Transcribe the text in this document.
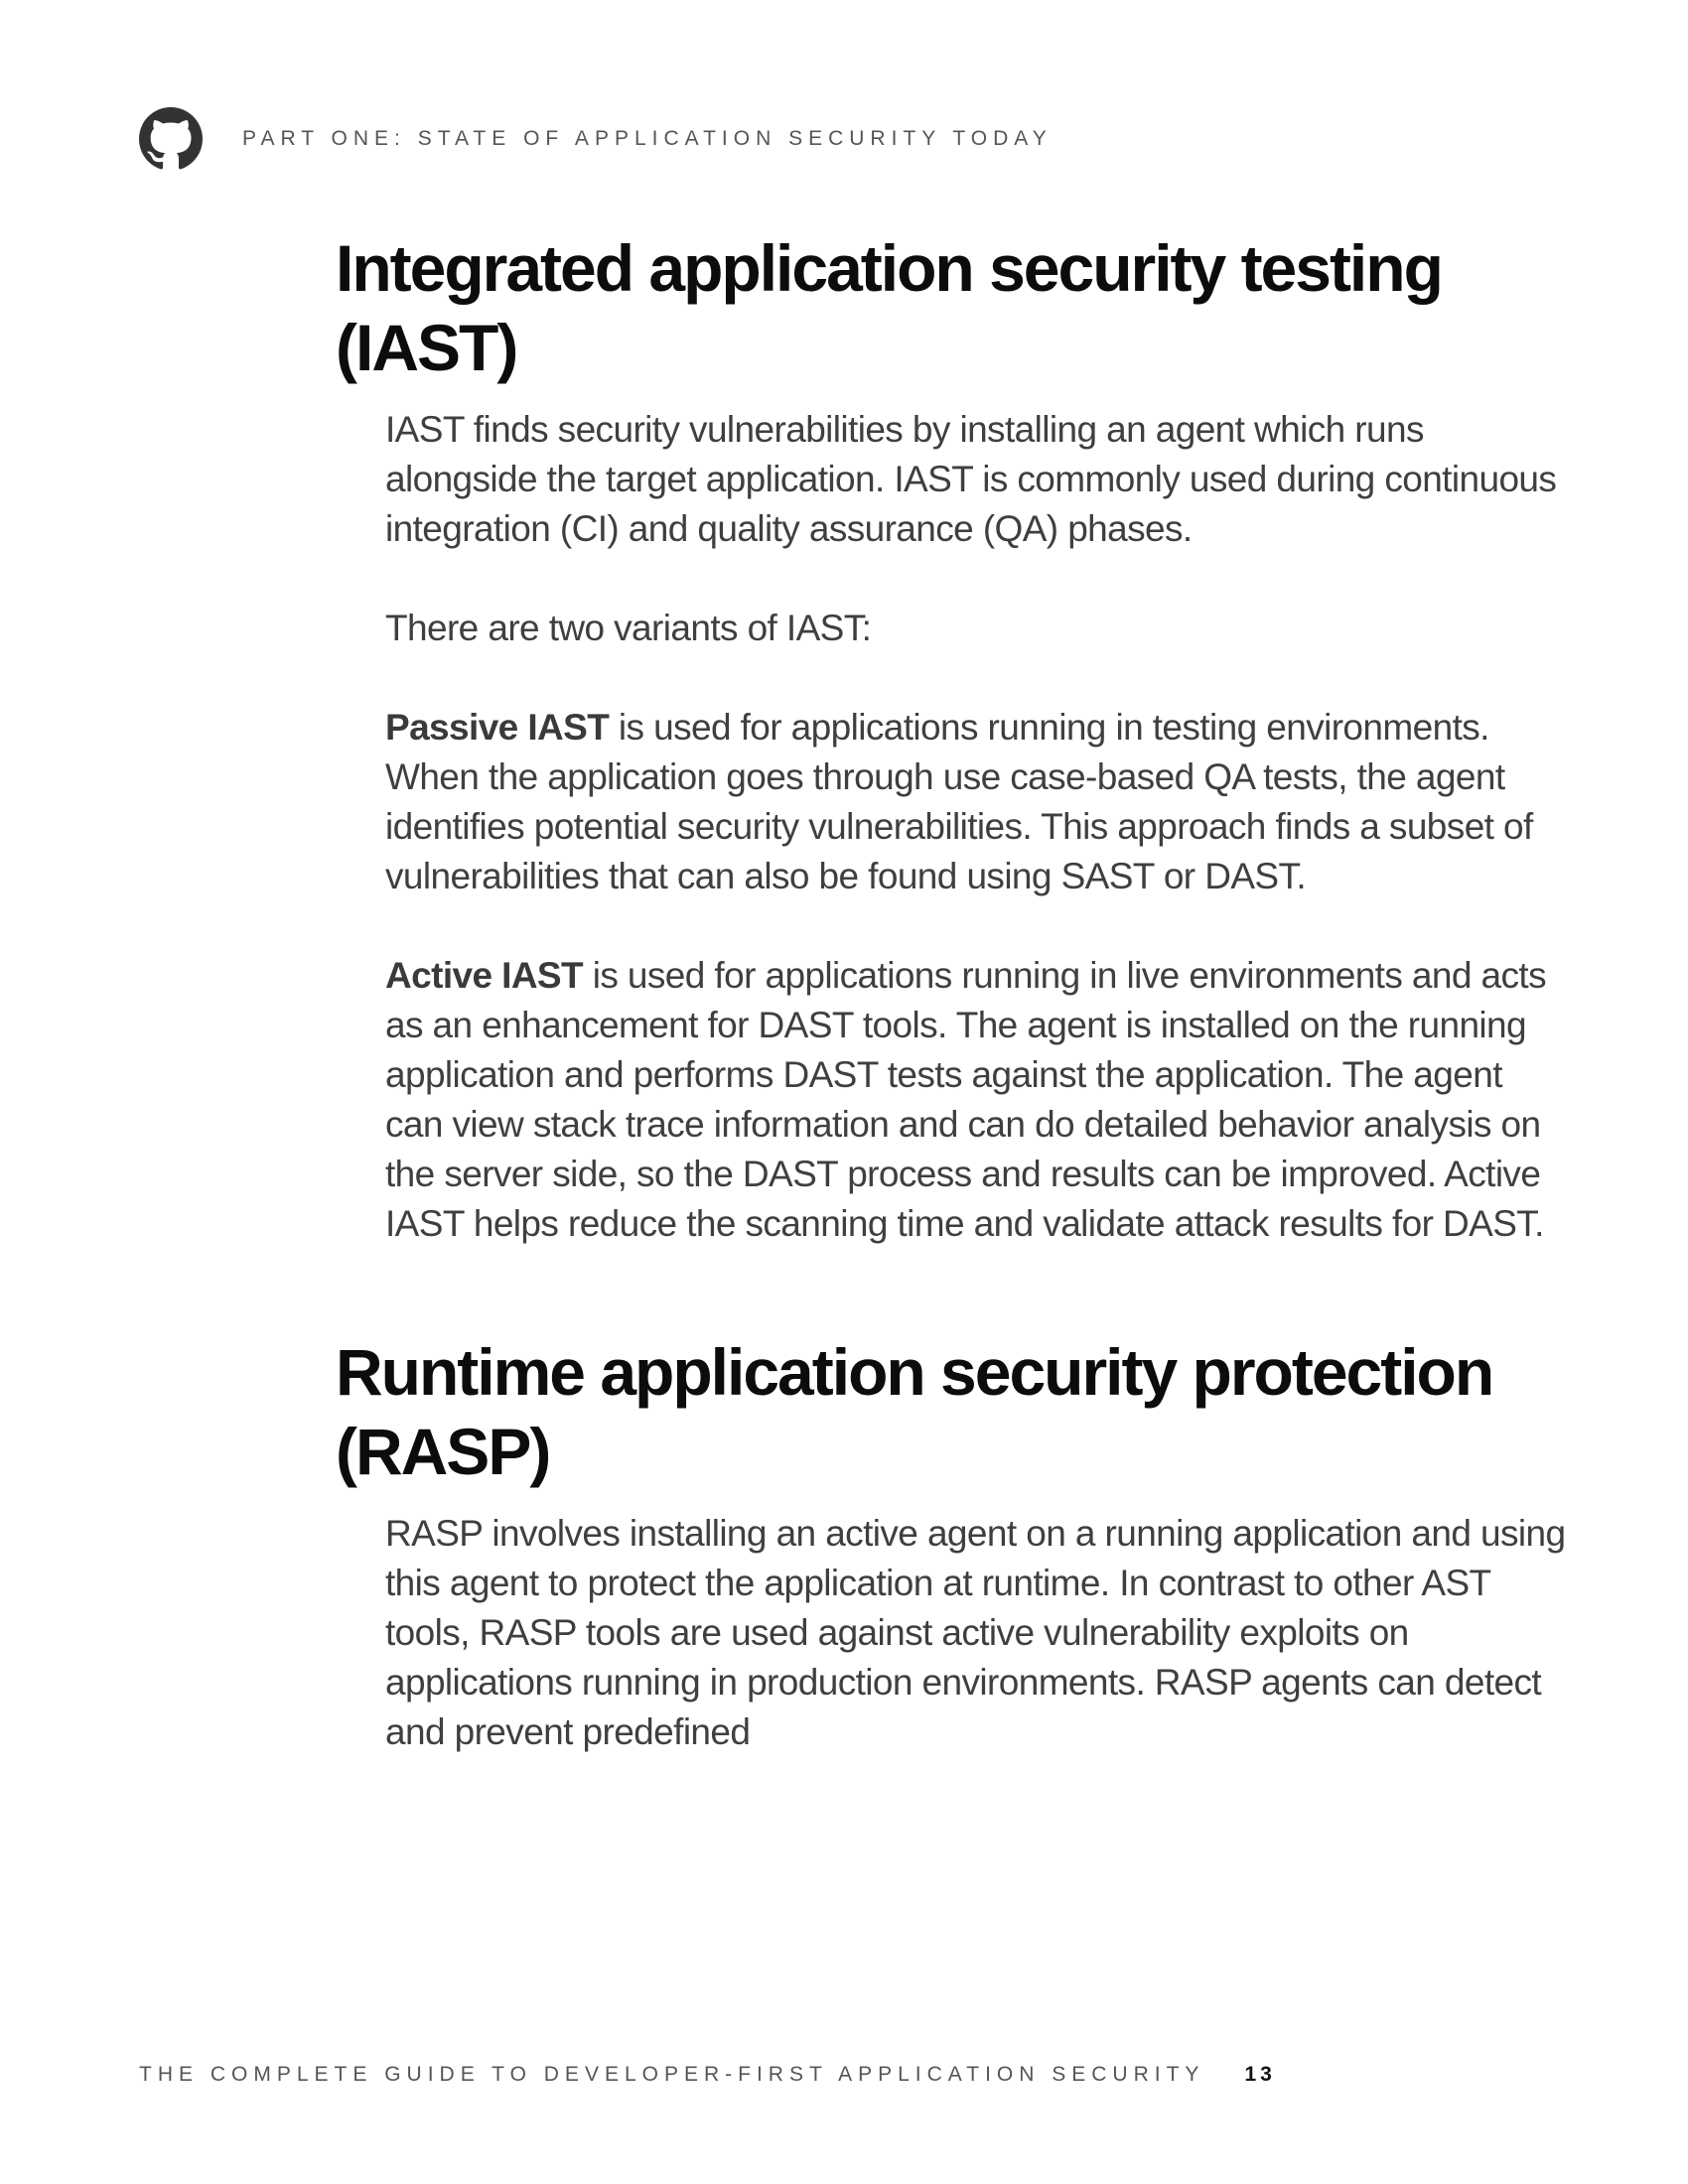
PART ONE: STATE OF APPLICATION SECURITY TODAY
Integrated application security testing
(IAST)

IAST finds security vulnerabilities by installing an agent which runs alongside the target application. IAST is commonly used during continuous integration (CI) and quality assurance (QA) phases.

There are two variants of IAST:

Passive IAST is used for applications running in testing environments. When the application goes through use case-based QA tests, the agent identifies potential security vulnerabilities. This approach finds a subset of vulnerabilities that can also be found using SAST or DAST.

Active IAST is used for applications running in live environments and acts as an enhancement for DAST tools. The agent is installed on the running application and performs DAST tests against the application. The agent can view stack trace information and can do detailed behavior analysis on the server side, so the DAST process and results can be improved. Active IAST helps reduce the scanning time and validate attack results for DAST.

Runtime application security protection
(RASP)

RASP involves installing an active agent on a running application and using this agent to protect the application at runtime. In contrast to other AST tools, RASP tools are used against active vulnerability exploits on applications running in production environments. RASP agents can detect and prevent predefined

THE COMPLETE GUIDE TO DEVELOPER-FIRST APPLICATION SECURITY 13
